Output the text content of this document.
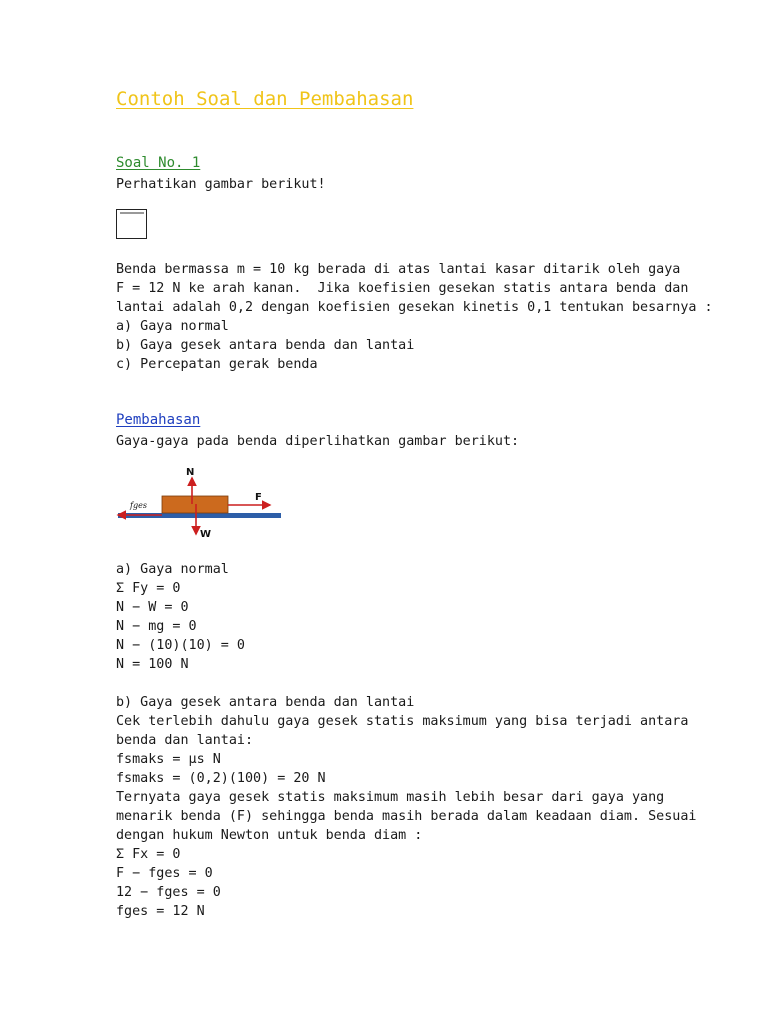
Contoh Soal dan Pembahasan
Soal No. 1
Perhatikan gambar berikut!
Benda bermassa m = 10 kg berada di atas lantai kasar ditarik oleh gaya
F = 12 N ke arah kanan.  Jika koefisien gesekan statis antara benda dan
lantai adalah 0,2 dengan koefisien gesekan kinetis 0,1 tentukan besarnya :
a) Gaya normal
b) Gaya gesek antara benda dan lantai
c) Percepatan gerak benda
Pembahasan
Gaya-gaya pada benda diperlihatkan gambar berikut:
N
F
W
fges
a) Gaya normal
Σ Fy = 0
N − W = 0
N − mg = 0
N − (10)(10) = 0
N = 100 N
b) Gaya gesek antara benda dan lantai
Cek terlebih dahulu gaya gesek statis maksimum yang bisa terjadi antara
benda dan lantai:
fsmaks = μs N
fsmaks = (0,2)(100) = 20 N
Ternyata gaya gesek statis maksimum masih lebih besar dari gaya yang
menarik benda (F) sehingga benda masih berada dalam keadaan diam. Sesuai
dengan hukum Newton untuk benda diam :
Σ Fx = 0
F − fges = 0
12 − fges = 0
fges = 12 N
